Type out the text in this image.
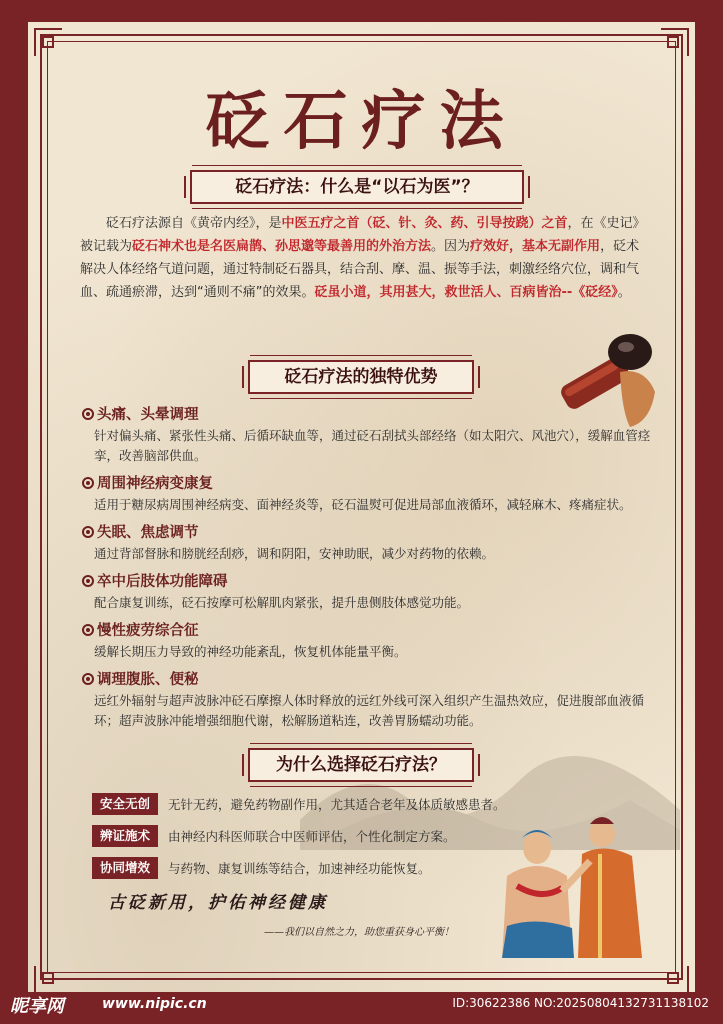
砭石疗法
砭石疗法：什么是“以石为医”？
砭石疗法源自《黄帝内经》，是中医五疗之首（砭、针、灸、药、引导按跷）之首，在《史记》被记载为砭石神术也是名医扁鹊、孙思邈等最善用的外治方法。因为疗效好，基本无副作用，砭术解决人体经络气道问题，通过特制砭石器具，结合刮、摩、温、振等手法，刺激经络穴位，调和气血、疏通瘀滞，达到“通则不痛”的效果。砭虽小道，其用甚大，救世活人、百病皆治--《砭经》。
砭石疗法的独特优势
头痛、头晕调理
针对偏头痛、紧张性头痛、后循环缺血等，通过砭石刮拭头部经络（如太阳穴、风池穴），缓解血管痉挛，改善脑部供血。
周围神经病变康复
适用于糖尿病周围神经病变、面神经炎等，砭石温熨可促进局部血液循环，减轻麻木、疼痛症状。
失眠、焦虑调节
通过背部督脉和膀胱经刮痧，调和阴阳，安神助眠，减少对药物的依赖。
卒中后肢体功能障碍
配合康复训练，砭石按摩可松解肌肉紧张，提升患侧肢体感觉功能。
慢性疲劳综合征
缓解长期压力导致的神经功能紊乱，恢复机体能量平衡。
调理腹胀、便秘
远红外辐射与超声波脉冲砭石摩擦人体时释放的远红外线可深入组织产生温热效应，促进腹部血液循环；超声波脉冲能增强细胞代谢，松解肠道粘连，改善胃肠蠕动功能。
为什么选择砭石疗法？
安全无创	无针无药，避免药物副作用，尤其适合老年及体质敏感患者。
辨证施术	由神经内科医师联合中医师评估，个性化制定方案。
协同增效	与药物、康复训练等结合，加速神经功能恢复。
古砭新用，护佑神经健康
——我们以自然之力，助您重获身心平衡！
昵享网	www.nipic.cn	ID:30622386 NO:20250804132731138102
